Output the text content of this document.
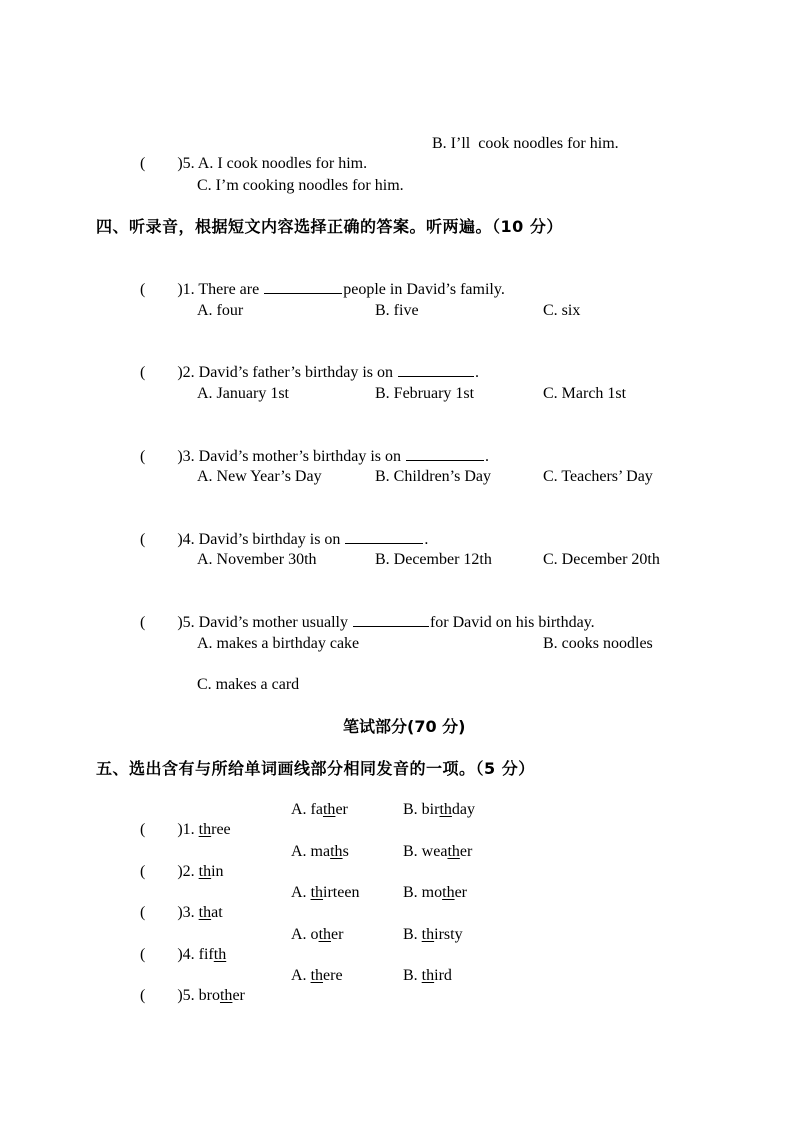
(        )5. A. I cook noodles for him.

B. I’ll  cook noodles for him.
C. I’m cooking noodles for him.
四、听录音，根据短文内容选择正确的答案。听两遍。（10 分）

(        )1. There are	people in David’s family.

A. four	B. five	C. six

(        )2. David’s father’s birthday is on	.

A. January 1st	B. February 1st	C. March 1st

(        )3. David’s mother’s birthday is on	.

A. New Year’s Day	B. Children’s Day	C. Teachers’ Day

(        )4. David’s birthday is on	.

A. November 30th	B. December 12th	C. December 20th

(        )5. David’s mother usually	for David on his birthday.

A. makes a birthday cake	B. cooks noodles
C. makes a card
笔试部分(70 分)
五、选出含有与所给单词画线部分相同发音的一项。（5 分）

(        )1. three

A. father	B. birthday

(        )2. thin

A. maths	B. weather

(        )3. that

A. thirteen	B. mother

(        )4. fifth

A. other	B. thirsty

(        )5. brother

A. there	B. third
